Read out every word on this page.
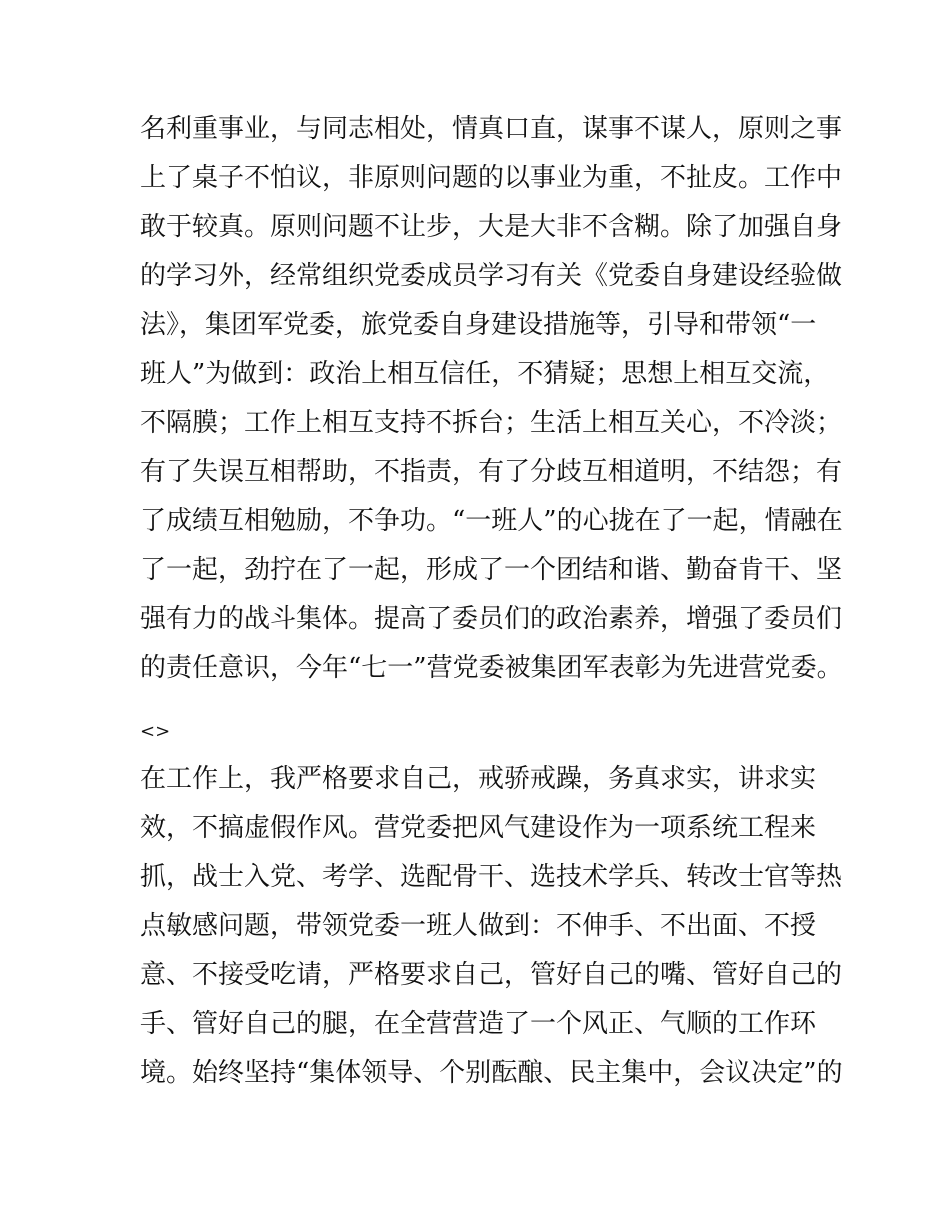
名利重事业，与同志相处，情真口直，谋事不谋人，原则之事

上了桌子不怕议，非原则问题的以事业为重，不扯皮。工作中

敢于较真。原则问题不让步，大是大非不含糊。除了加强自身

的学习外，经常组织党委成员学习有关《党委自身建设经验做

法》，集团军党委，旅党委自身建设措施等，引导和带领“一

班人”为做到：政治上相互信任，不猜疑；思想上相互交流，

不隔膜；工作上相互支持不拆台；生活上相互关心，不冷淡；

有了失误互相帮助，不指责，有了分歧互相道明，不结怨；有

了成绩互相勉励，不争功。“一班人”的心拢在了一起，情融在

了一起，劲拧在了一起，形成了一个团结和谐、勤奋肯干、坚

强有力的战斗集体。提高了委员们的政治素养，增强了委员们

的责任意识，今年“七一”营党委被集团军表彰为先进营党委。

<>

在工作上，我严格要求自己，戒骄戒躁，务真求实，讲求实

效，不搞虚假作风。营党委把风气建设作为一项系统工程来

抓，战士入党、考学、选配骨干、选技术学兵、转改士官等热

点敏感问题，带领党委一班人做到：不伸手、不出面、不授

意、不接受吃请，严格要求自己，管好自己的嘴、管好自己的

手、管好自己的腿，在全营营造了一个风正、气顺的工作环

境。始终坚持“集体领导、个别酝酿、民主集中，会议决定”的
